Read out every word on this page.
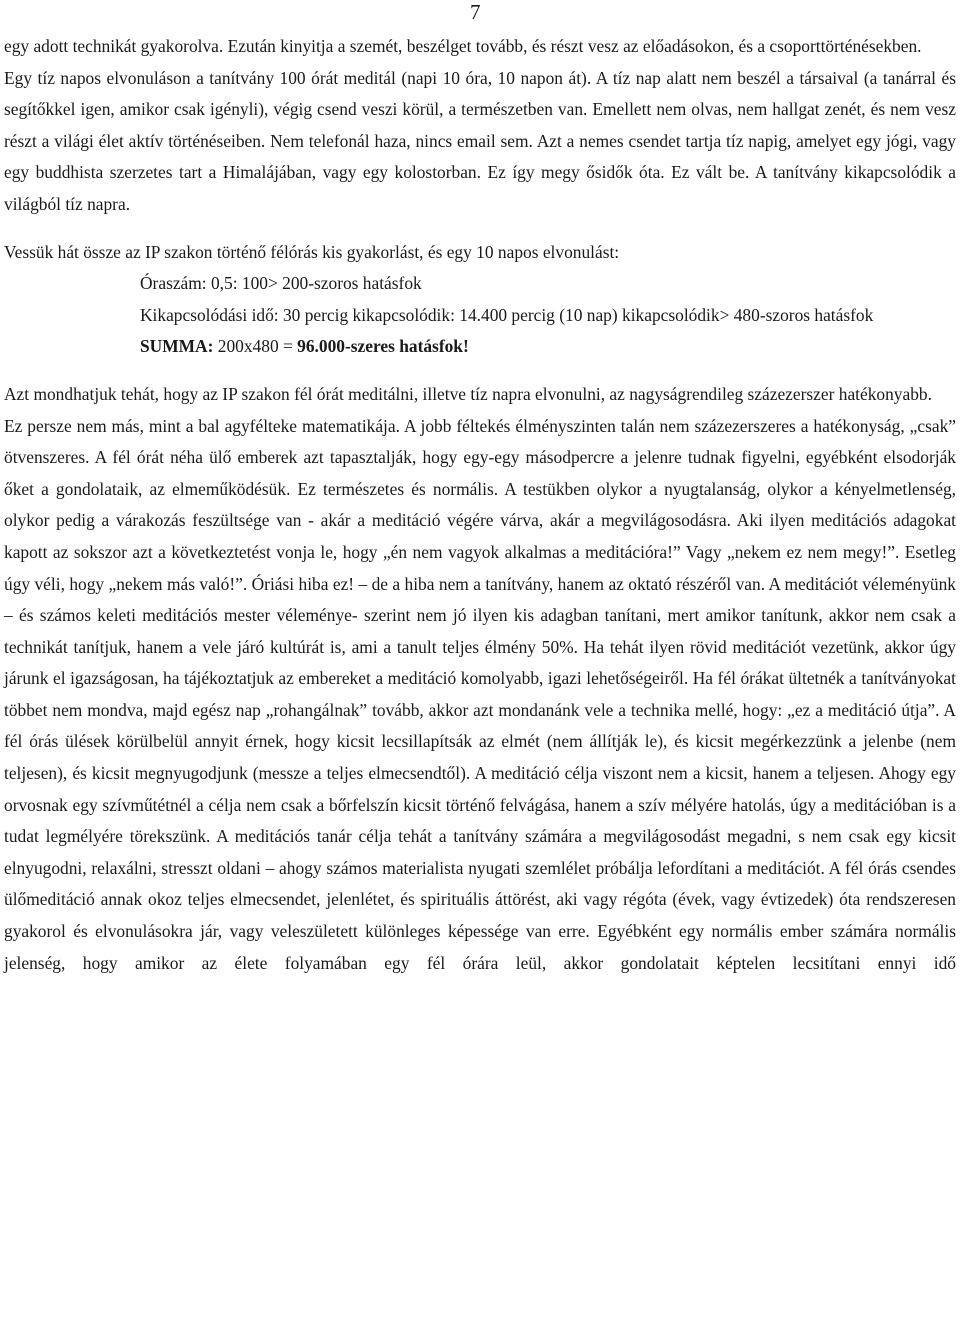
7

egy adott technikát gyakorolva. Ezután kinyitja a szemét, beszélget tovább, és részt vesz az előadásokon, és a csoporttörténésekben.

Egy tíz napos elvonuláson a tanítvány 100 órát meditál (napi 10 óra, 10 napon át). A tíz nap alatt nem beszél a társaival (a tanárral és segítőkkel igen, amikor csak igényli), végig csend veszi körül, a természetben van. Emellett nem olvas, nem hallgat zenét, és nem vesz részt a világi élet aktív történéseiben. Nem telefonál haza, nincs email sem. Azt a nemes csendet tartja tíz napig, amelyet egy jógi, vagy egy buddhista szerzetes tart a Himalájában, vagy egy kolostorban. Ez így megy ősidők óta. Ez vált be. A tanítvány kikapcsolódik a világból tíz napra.

Vessük hát össze az IP szakon történő félórás kis gyakorlást, és egy 10 napos elvonulást:

Óraszám: 0,5: 100> 200-szoros hatásfok

Kikapcsolódási idő: 30 percig kikapcsolódik: 14.400 percig (10 nap) kikapcsolódik> 480-szoros hatásfok

SUMMA: 200x480 = 96.000-szeres hatásfok!

Azt mondhatjuk tehát, hogy az IP szakon fél órát meditálni, illetve tíz napra elvonulni, az nagyságrendileg százezerszer hatékonyabb.

Ez persze nem más, mint a bal agyfélteke matematikája. A jobb féltekés élményszinten talán nem százezerszeres a hatékonyság, „csak” ötvenszeres. A fél órát néha ülő emberek azt tapasztalják, hogy egy-egy másodpercre a jelenre tudnak figyelni, egyébként elsodorják őket a gondolataik, az elmeműködésük. Ez természetes és normális. A testükben olykor a nyugtalanság, olykor a kényelmetlenség, olykor pedig a várakozás feszültsége van - akár a meditáció végére várva, akár a megvilágosodásra. Aki ilyen meditációs adagokat kapott az sokszor azt a következtetést vonja le, hogy „én nem vagyok alkalmas a meditációra!” Vagy „nekem ez nem megy!”. Esetleg úgy véli, hogy „nekem más való!”. Óriási hiba ez! – de a hiba nem a tanítvány, hanem az oktató részéről van. A meditációt véleményünk – és számos keleti meditációs mester véleménye- szerint nem jó ilyen kis adagban tanítani, mert amikor tanítunk, akkor nem csak a technikát tanítjuk, hanem a vele járó kultúrát is, ami a tanult teljes élmény 50%. Ha tehát ilyen rövid meditációt vezetünk, akkor úgy járunk el igazságosan, ha tájékoztatjuk az embereket a meditáció komolyabb, igazi lehetőségeiről. Ha fél órákat ültetnék a tanítványokat többet nem mondva, majd egész nap „rohangálnak” tovább, akkor azt mondanánk vele a technika mellé, hogy: „ez a meditáció útja”. A fél órás ülések körülbelül annyit érnek, hogy kicsit lecsillapítsák az elmét (nem állítják le), és kicsit megérkezzünk a jelenbe (nem teljesen), és kicsit megnyugodjunk (messze a teljes elmecsendtől). A meditáció célja viszont nem a kicsit, hanem a teljesen. Ahogy egy orvosnak egy szívműtétnél a célja nem csak a bőrfelszín kicsit történő felvágása, hanem a szív mélyére hatolás, úgy a meditációban is a tudat legmélyére törekszünk. A meditációs tanár célja tehát a tanítvány számára a megvilágosodást megadni, s nem csak egy kicsit elnyugodni, relaxálni, stresszt oldani – ahogy számos materialista nyugati szemlélet próbálja lefordítani a meditációt. A fél órás csendes ülőmeditáció annak okoz teljes elmecsendet, jelenlétet, és spirituális áttörést, aki vagy régóta (évek, vagy évtizedek) óta rendszeresen gyakorol és elvonulásokra jár, vagy veleszületett különleges képessége van erre. Egyébként egy normális ember számára normális jelenség, hogy amikor az élete folyamában egy fél órára leül, akkor gondolatait képtelen lecsitítani ennyi idő
